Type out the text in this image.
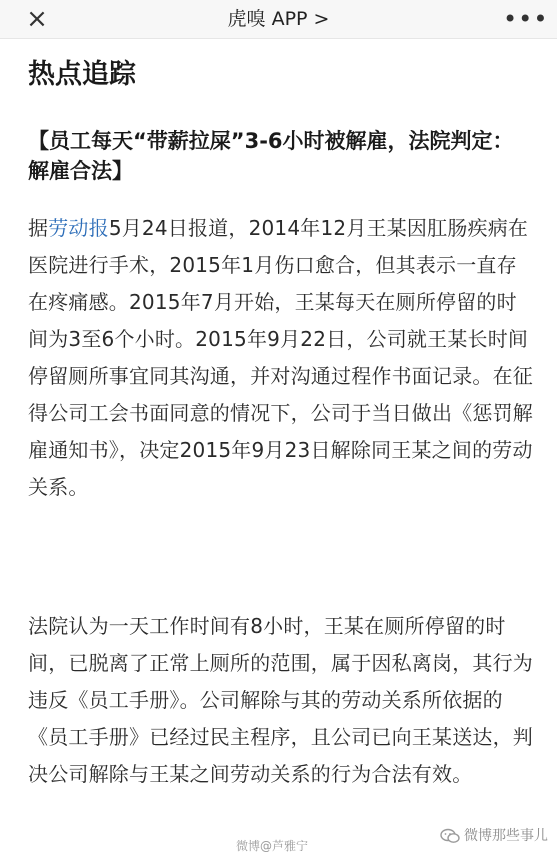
×	虎嗅 APP >	•••
热点追踪
【员工每天“带薪拉屎”3-6小时被解雇，法院判定：解雇合法】
据劳动报5月24日报道，2014年12月王某因肛肠疾病在医院进行手术，2015年1月伤口愈合，但其表示一直存在疼痛感。2015年7月开始，王某每天在厕所停留的时间为3至6个小时。2015年9月22日，公司就王某长时间停留厕所事宜同其沟通，并对沟通过程作书面记录。在征得公司工会书面同意的情况下，公司于当日做出《惩罚解雇通知书》，决定2015年9月23日解除同王某之间的劳动关系。
法院认为一天工作时间有8小时，王某在厕所停留的时间，已脱离了正常上厕所的范围，属于因私离岗，其行为违反《员工手册》。公司解除与其的劳动关系所依据的《员工手册》已经过民主程序，且公司已向王某送达，判决公司解除与王某之间劳动关系的行为合法有效。
微博@芦雅宁
微博那些事儿
